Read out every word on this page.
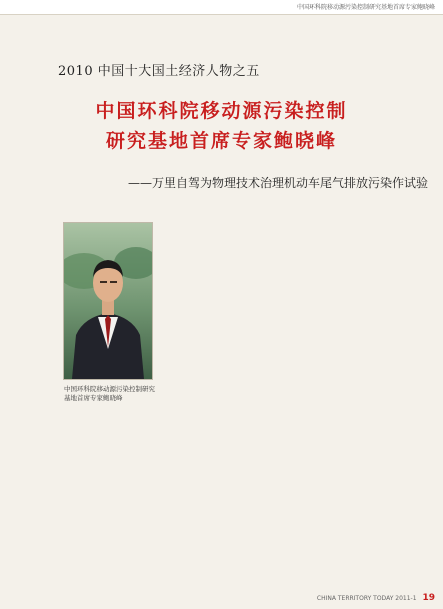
中国环科院移动源污染控制研究基地首席专家鲍晓峰
2010 中国十大国土经济人物之五
中国环科院移动源污染控制
研究基地首席专家鲍晓峰
——万里自驾为物理技术治理机动车尾气排放污染作试验
中国环科院移动源污染控制研究基地首席专家鲍晓峰
CHINA TERRITORY TODAY 2011-1 19
